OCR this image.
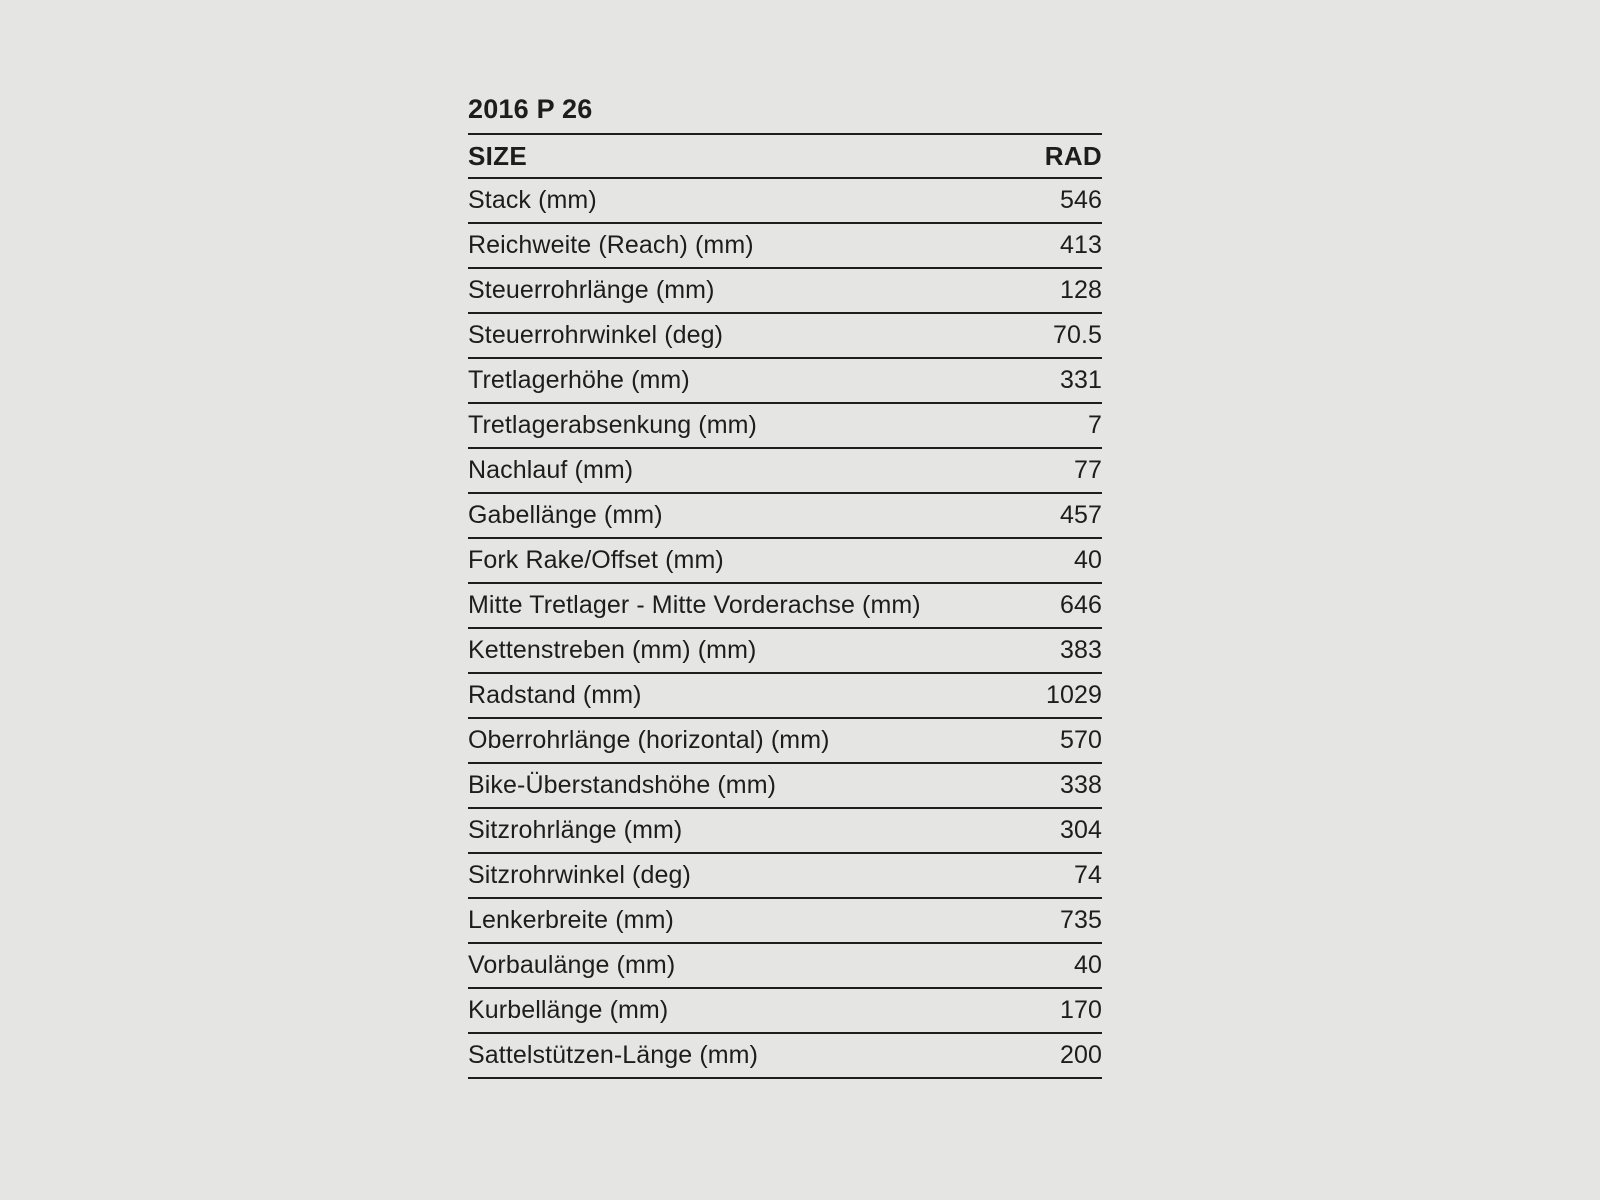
2016 P 26
SIZE	RAD
Stack (mm)	546
Reichweite (Reach) (mm)	413
Steuerrohrlänge (mm)	128
Steuerrohrwinkel (deg)	70.5
Tretlagerhöhe (mm)	331
Tretlagerabsenkung (mm)	7
Nachlauf (mm)	77
Gabellänge (mm)	457
Fork Rake/Offset (mm)	40
Mitte Tretlager - Mitte Vorderachse (mm)	646
Kettenstreben (mm) (mm)	383
Radstand (mm)	1029
Oberrohrlänge (horizontal) (mm)	570
Bike-Überstandshöhe (mm)	338
Sitzrohrlänge (mm)	304
Sitzrohrwinkel (deg)	74
Lenkerbreite (mm)	735
Vorbaulänge (mm)	40
Kurbellänge (mm)	170
Sattelstützen-Länge (mm)	200
